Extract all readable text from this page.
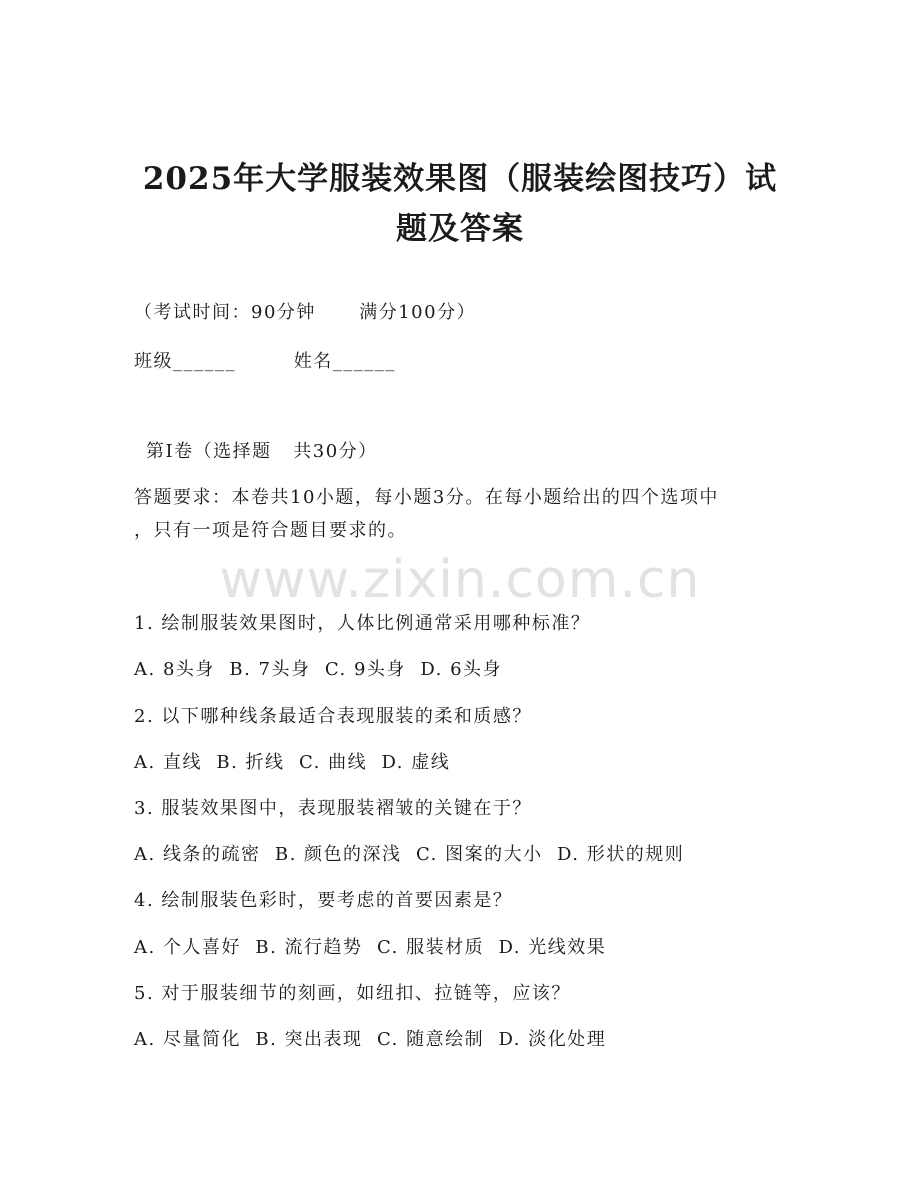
2025年大学服装效果图（服装绘图技巧）试
题及答案
（考试时间：90分钟      满分100分）
班级______        姓名______
第I卷（选择题   共30分）
答题要求：本卷共10小题，每小题3分。在每小题给出的四个选项中
，只有一项是符合题目要求的。
www.zixin.com.cn
1. 绘制服装效果图时，人体比例通常采用哪种标准？
A. 8头身  B. 7头身  C. 9头身  D. 6头身
2. 以下哪种线条最适合表现服装的柔和质感？
A. 直线  B. 折线  C. 曲线  D. 虚线
3. 服装效果图中，表现服装褶皱的关键在于？
A. 线条的疏密  B. 颜色的深浅  C. 图案的大小  D. 形状的规则
4. 绘制服装色彩时，要考虑的首要因素是？
A. 个人喜好  B. 流行趋势  C. 服装材质  D. 光线效果
5. 对于服装细节的刻画，如纽扣、拉链等，应该？
A. 尽量简化  B. 突出表现  C. 随意绘制  D. 淡化处理
